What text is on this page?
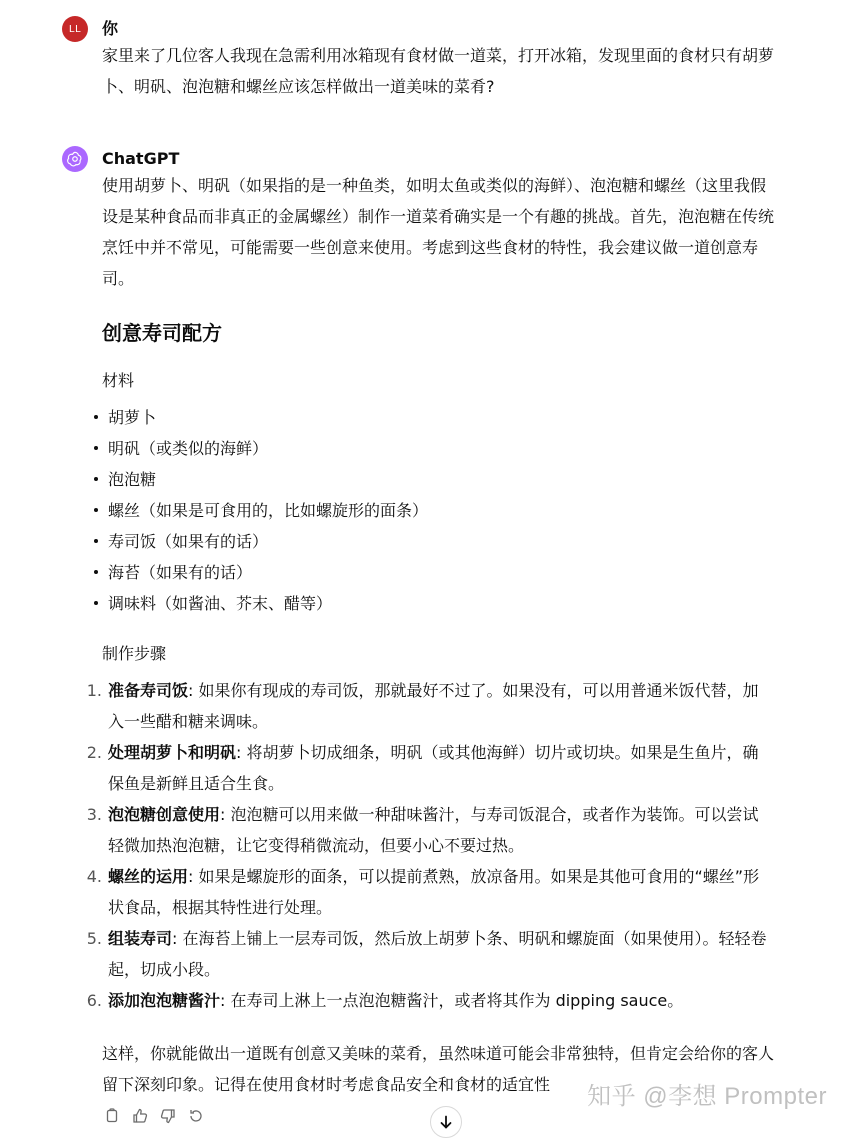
LL 你
家里来了几位客人我现在急需利用冰箱现有食材做一道菜，打开冰箱，发现里面的食材只有胡萝卜、明矾、泡泡糖和螺丝应该怎样做出一道美味的菜肴?
ChatGPT
使用胡萝卜、明矾（如果指的是一种鱼类，如明太鱼或类似的海鲜）、泡泡糖和螺丝（这里我假设是某种食品而非真正的金属螺丝）制作一道菜肴确实是一个有趣的挑战。首先，泡泡糖在传统烹饪中并不常见，可能需要一些创意来使用。考虑到这些食材的特性，我会建议做一道创意寿司。
创意寿司配方
材料
胡萝卜
明矾（或类似的海鲜）
泡泡糖
螺丝（如果是可食用的，比如螺旋形的面条）
寿司饭（如果有的话）
海苔（如果有的话）
调味料（如酱油、芥末、醋等）
制作步骤
1. 准备寿司饭: 如果你有现成的寿司饭，那就最好不过了。如果没有，可以用普通米饭代替，加入一些醋和糖来调味。
2. 处理胡萝卜和明矾: 将胡萝卜切成细条，明矾（或其他海鲜）切片或切块。如果是生鱼片，确保鱼是新鲜且适合生食。
3. 泡泡糖创意使用: 泡泡糖可以用来做一种甜味酱汁，与寿司饭混合，或者作为装饰。可以尝试轻微加热泡泡糖，让它变得稍微流动，但要小心不要过热。
4. 螺丝的运用: 如果是螺旋形的面条，可以提前煮熟，放凉备用。如果是其他可食用的“螺丝”形状食品，根据其特性进行处理。
5. 组装寿司: 在海苔上铺上一层寿司饭，然后放上胡萝卜条、明矾和螺旋面（如果使用）。轻轻卷起，切成小段。
6. 添加泡泡糖酱汁: 在寿司上淋上一点泡泡糖酱汁，或者将其作为 dipping sauce。
这样，你就能做出一道既有创意又美味的菜肴，虽然味道可能会非常独特，但肯定会给你的客人留下深刻印象。记得在使用食材时考虑食品安全和食材的适宜性	知乎 @李想 Prompter
